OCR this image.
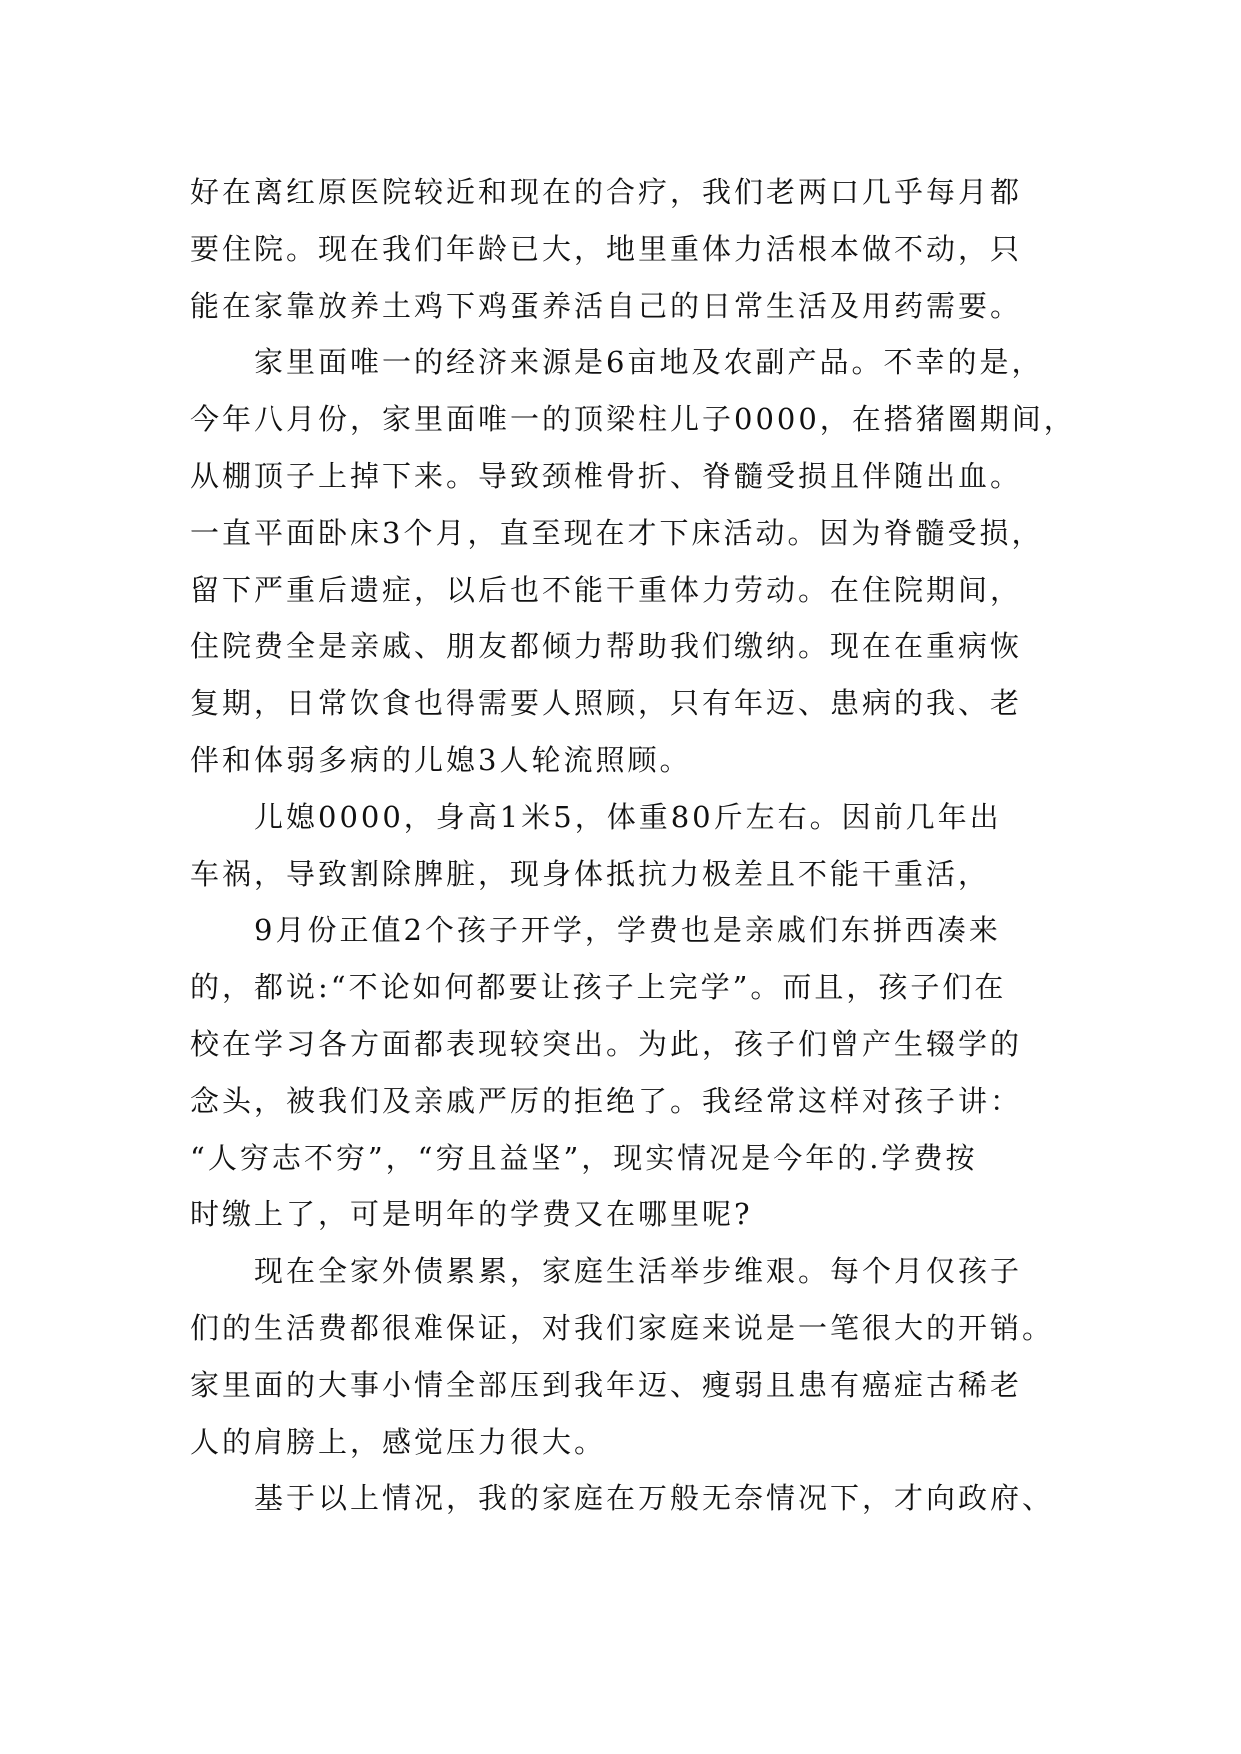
好在离红原医院较近和现在的合疗，我们老两口几乎每月都
要住院。现在我们年龄已大，地里重体力活根本做不动，只
能在家靠放养土鸡下鸡蛋养活自己的日常生活及用药需要。
家里面唯一的经济来源是6亩地及农副产品。不幸的是，
今年八月份，家里面唯一的顶梁柱儿子0000，在搭猪圈期间，
从棚顶子上掉下来。导致颈椎骨折、脊髓受损且伴随出血。
一直平面卧床3个月，直至现在才下床活动。因为脊髓受损，
留下严重后遗症，以后也不能干重体力劳动。在住院期间，
住院费全是亲戚、朋友都倾力帮助我们缴纳。现在在重病恢
复期，日常饮食也得需要人照顾，只有年迈、患病的我、老
伴和体弱多病的儿媳3人轮流照顾。
儿媳0000，身高1米5，体重80斤左右。因前几年出
车祸，导致割除脾脏，现身体抵抗力极差且不能干重活，
9月份正值2个孩子开学，学费也是亲戚们东拼西凑来
的，都说:“不论如何都要让孩子上完学”。而且，孩子们在
校在学习各方面都表现较突出。为此，孩子们曾产生辍学的
念头，被我们及亲戚严厉的拒绝了。我经常这样对孩子讲：
“人穷志不穷”，“穷且益坚”，现实情况是今年的.学费按
时缴上了，可是明年的学费又在哪里呢?
现在全家外债累累，家庭生活举步维艰。每个月仅孩子
们的生活费都很难保证，对我们家庭来说是一笔很大的开销。
家里面的大事小情全部压到我年迈、瘦弱且患有癌症古稀老
人的肩膀上，感觉压力很大。
基于以上情况，我的家庭在万般无奈情况下，才向政府、
